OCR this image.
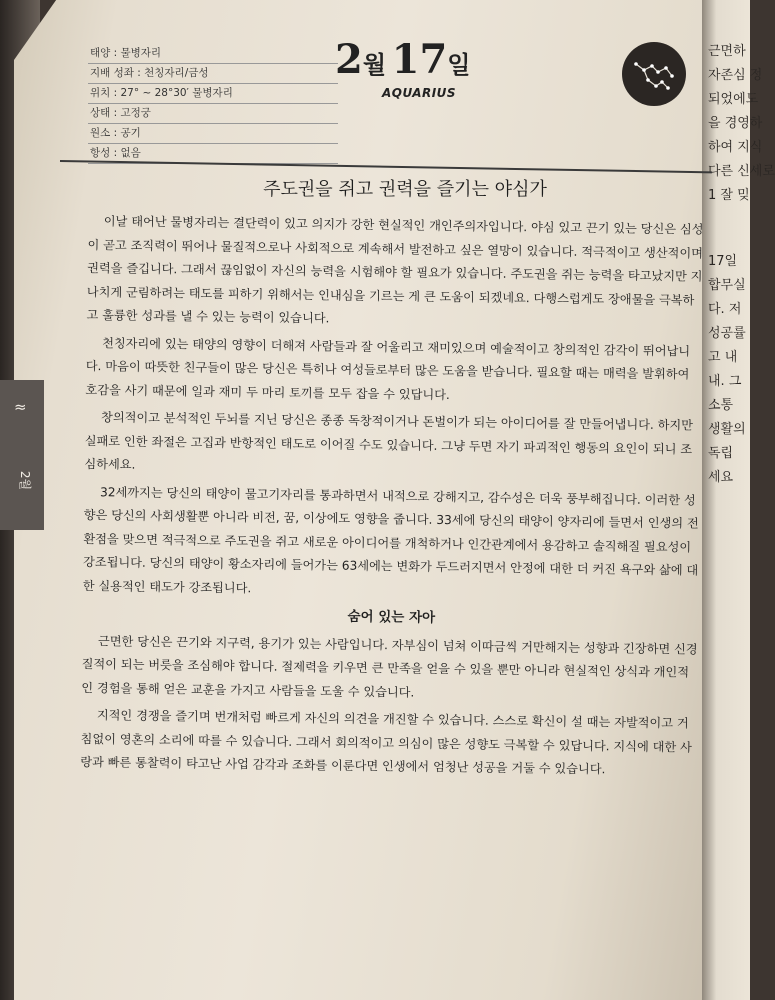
근면하
자존심 정
되었에도
을 경영하
하여 지식
다른 신세로
1 잘 밎
17일
합무실
다. 저
성공률
고 내
내. 그
소통
생활의
독립
세요
≈
2월
태양 : 물병자리
지배 성좌 : 천칭자리/금성
위치 : 27° ~ 28°30′ 물병자리
상태 : 고정궁
원소 : 공기
항성 : 없음
2월 17일
AQUARIUS
주도권을 쥐고 권력을 즐기는 야심가

이날 태어난 물병자리는 결단력이 있고 의지가 강한 현실적인 개인주의자입니다. 야심 있고 끈기 있는 당신은 심성이 곧고 조직력이 뛰어나 물질적으로나 사회적으로 계속해서 발전하고 싶은 열망이 있습니다. 적극적이고 생산적이며 권력을 즐깁니다. 그래서 끊임없이 자신의 능력을 시험해야 할 필요가 있습니다. 주도권을 쥐는 능력을 타고났지만 지나치게 군림하려는 태도를 피하기 위해서는 인내심을 기르는 게 큰 도움이 되겠네요. 다행스럽게도 장애물을 극복하고 훌륭한 성과를 낼 수 있는 능력이 있습니다.

천칭자리에 있는 태양의 영향이 더해져 사람들과 잘 어울리고 재미있으며 예술적이고 창의적인 감각이 뛰어납니다. 마음이 따뜻한 친구들이 많은 당신은 특히나 여성들로부터 많은 도움을 받습니다. 필요할 때는 매력을 발휘하여 호감을 사기 때문에 일과 재미 두 마리 토끼를 모두 잡을 수 있답니다.

창의적이고 분석적인 두뇌를 지닌 당신은 종종 독창적이거나 돈벌이가 되는 아이디어를 잘 만들어냅니다. 하지만 실패로 인한 좌절은 고집과 반항적인 태도로 이어질 수도 있습니다. 그냥 두면 자기 파괴적인 행동의 요인이 되니 조심하세요.

32세까지는 당신의 태양이 물고기자리를 통과하면서 내적으로 강해지고, 감수성은 더욱 풍부해집니다. 이러한 성향은 당신의 사회생활뿐 아니라 비전, 꿈, 이상에도 영향을 줍니다. 33세에 당신의 태양이 양자리에 들면서 인생의 전환점을 맞으면 적극적으로 주도권을 쥐고 새로운 아이디어를 개척하거나 인간관계에서 용감하고 솔직해질 필요성이 강조됩니다. 당신의 태양이 황소자리에 들어가는 63세에는 변화가 두드러지면서 안정에 대한 더 커진 욕구와 삶에 대한 실용적인 태도가 강조됩니다.

숨어 있는 자아

근면한 당신은 끈기와 지구력, 용기가 있는 사람입니다. 자부심이 넘쳐 이따금씩 거만해지는 성향과 긴장하면 신경질적이 되는 버릇을 조심해야 합니다. 절제력을 키우면 큰 만족을 얻을 수 있을 뿐만 아니라 현실적인 상식과 개인적인 경험을 통해 얻은 교훈을 가지고 사람들을 도울 수 있습니다.

지적인 경쟁을 즐기며 번개처럼 빠르게 자신의 의견을 개진할 수 있습니다. 스스로 확신이 설 때는 자발적이고 거침없이 영혼의 소리에 따를 수 있습니다. 그래서 회의적이고 의심이 많은 성향도 극복할 수 있답니다. 지식에 대한 사랑과 빠른 통찰력이 타고난 사업 감각과 조화를 이룬다면 인생에서 엄청난 성공을 거둘 수 있습니다.
